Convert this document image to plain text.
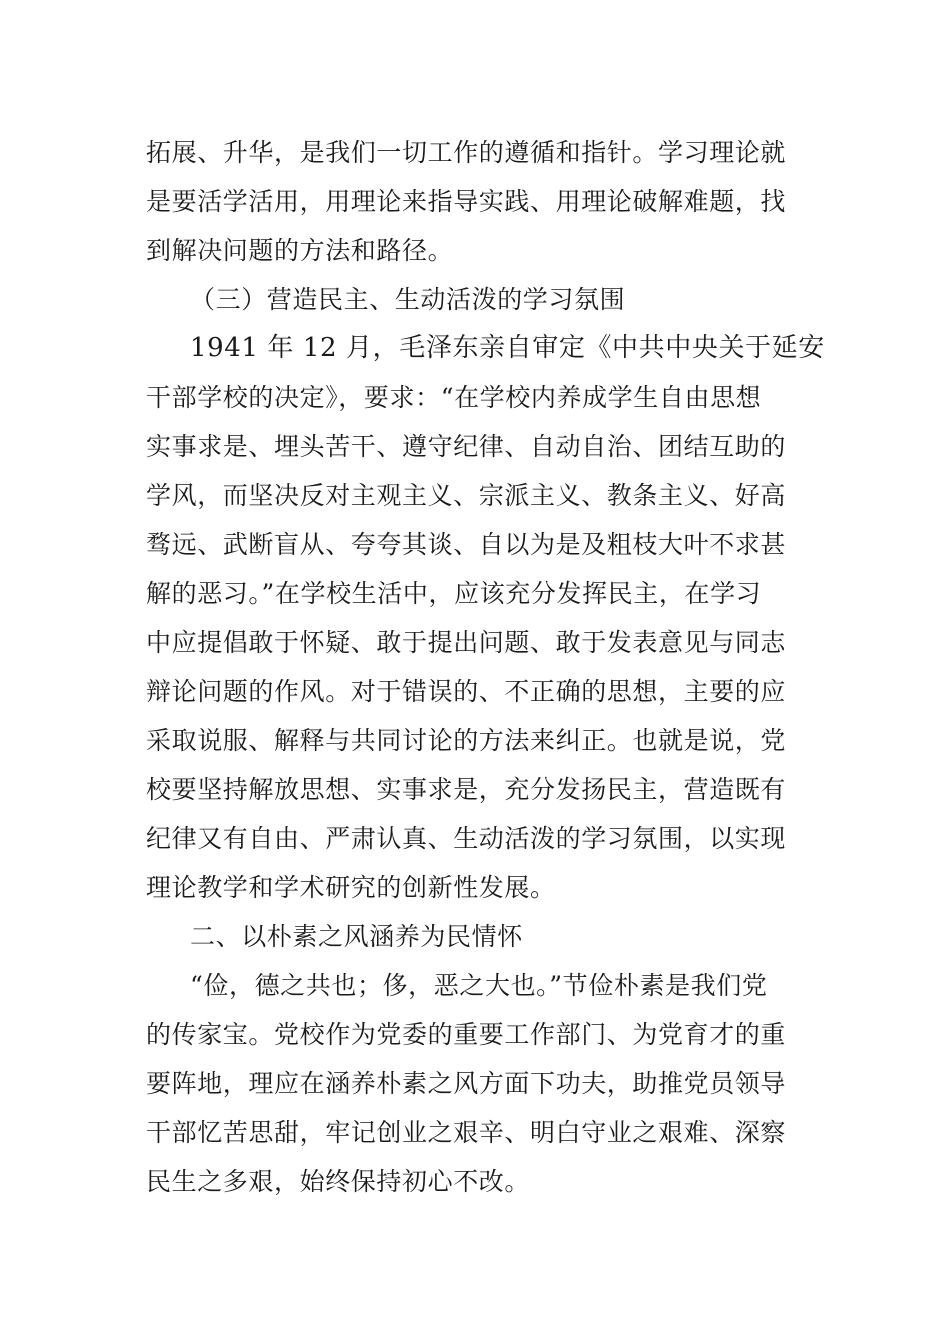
拓展、升华，是我们一切工作的遵循和指针。学习理论就
是要活学活用，用理论来指导实践、用理论破解难题，找
到解决问题的方法和路径。
（三）营造民主、生动活泼的学习氛围
1941 年 12 月，毛泽东亲自审定《中共中央关于延安
干部学校的决定》，要求：“在学校内养成学生自由思想
实事求是、埋头苦干、遵守纪律、自动自治、团结互助的
学风，而坚决反对主观主义、宗派主义、教条主义、好高
骛远、武断盲从、夸夸其谈、自以为是及粗枝大叶不求甚
解的恶习。”在学校生活中，应该充分发挥民主，在学习
中应提倡敢于怀疑、敢于提出问题、敢于发表意见与同志
辩论问题的作风。对于错误的、不正确的思想，主要的应
采取说服、解释与共同讨论的方法来纠正。也就是说，党
校要坚持解放思想、实事求是，充分发扬民主，营造既有
纪律又有自由、严肃认真、生动活泼的学习氛围，以实现
理论教学和学术研究的创新性发展。
二、以朴素之风涵养为民情怀
“俭，德之共也；侈，恶之大也。”节俭朴素是我们党
的传家宝。党校作为党委的重要工作部门、为党育才的重
要阵地，理应在涵养朴素之风方面下功夫，助推党员领导
干部忆苦思甜，牢记创业之艰辛、明白守业之艰难、深察
民生之多艰，始终保持初心不改。
